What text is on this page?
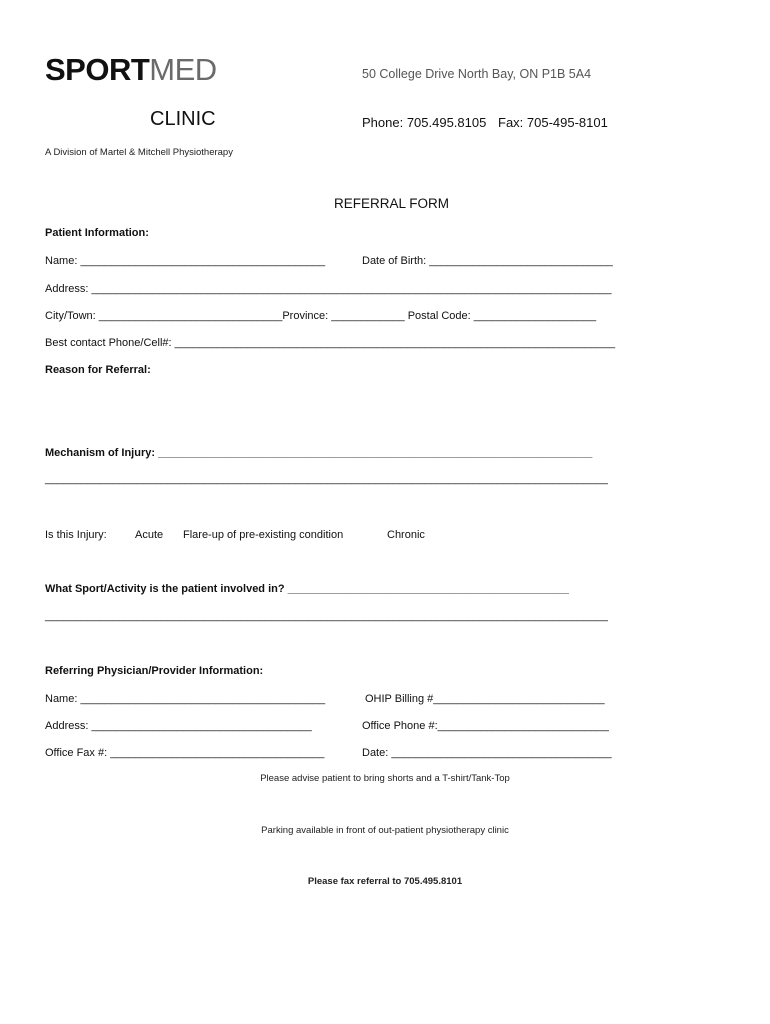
SPORTMED
CLINIC
A Division of Martel & Mitchell Physiotherapy
50 College Drive North Bay, ON P1B 5A4
Phone: 705.495.8105 Fax: 705-495-8101
REFERRAL FORM
Patient Information:
Name: ________________________________________	Date of Birth: ______________________________
Address: _____________________________________________________________________________________
City/Town: ______________________________Province: ____________ Postal Code: ____________________
Best contact Phone/Cell#: ________________________________________________________________________
Reason for Referral:
Mechanism of Injury: _______________________________________________________________________
____________________________________________________________________________________________
Is this Injury:	Acute Flare-up of pre-existing condition	Chronic
What Sport/Activity is the patient involved in? ______________________________________________
____________________________________________________________________________________________
Referring Physician/Provider Information:
Name: ________________________________________	OHIP Billing #____________________________
Address: ____________________________________	Office Phone #:____________________________
Office Fax #: ___________________________________	Date: ____________________________________
Please advise patient to bring shorts and a T-shirt/Tank-Top
Parking available in front of out-patient physiotherapy clinic
Please fax referral to 705.495.8101
